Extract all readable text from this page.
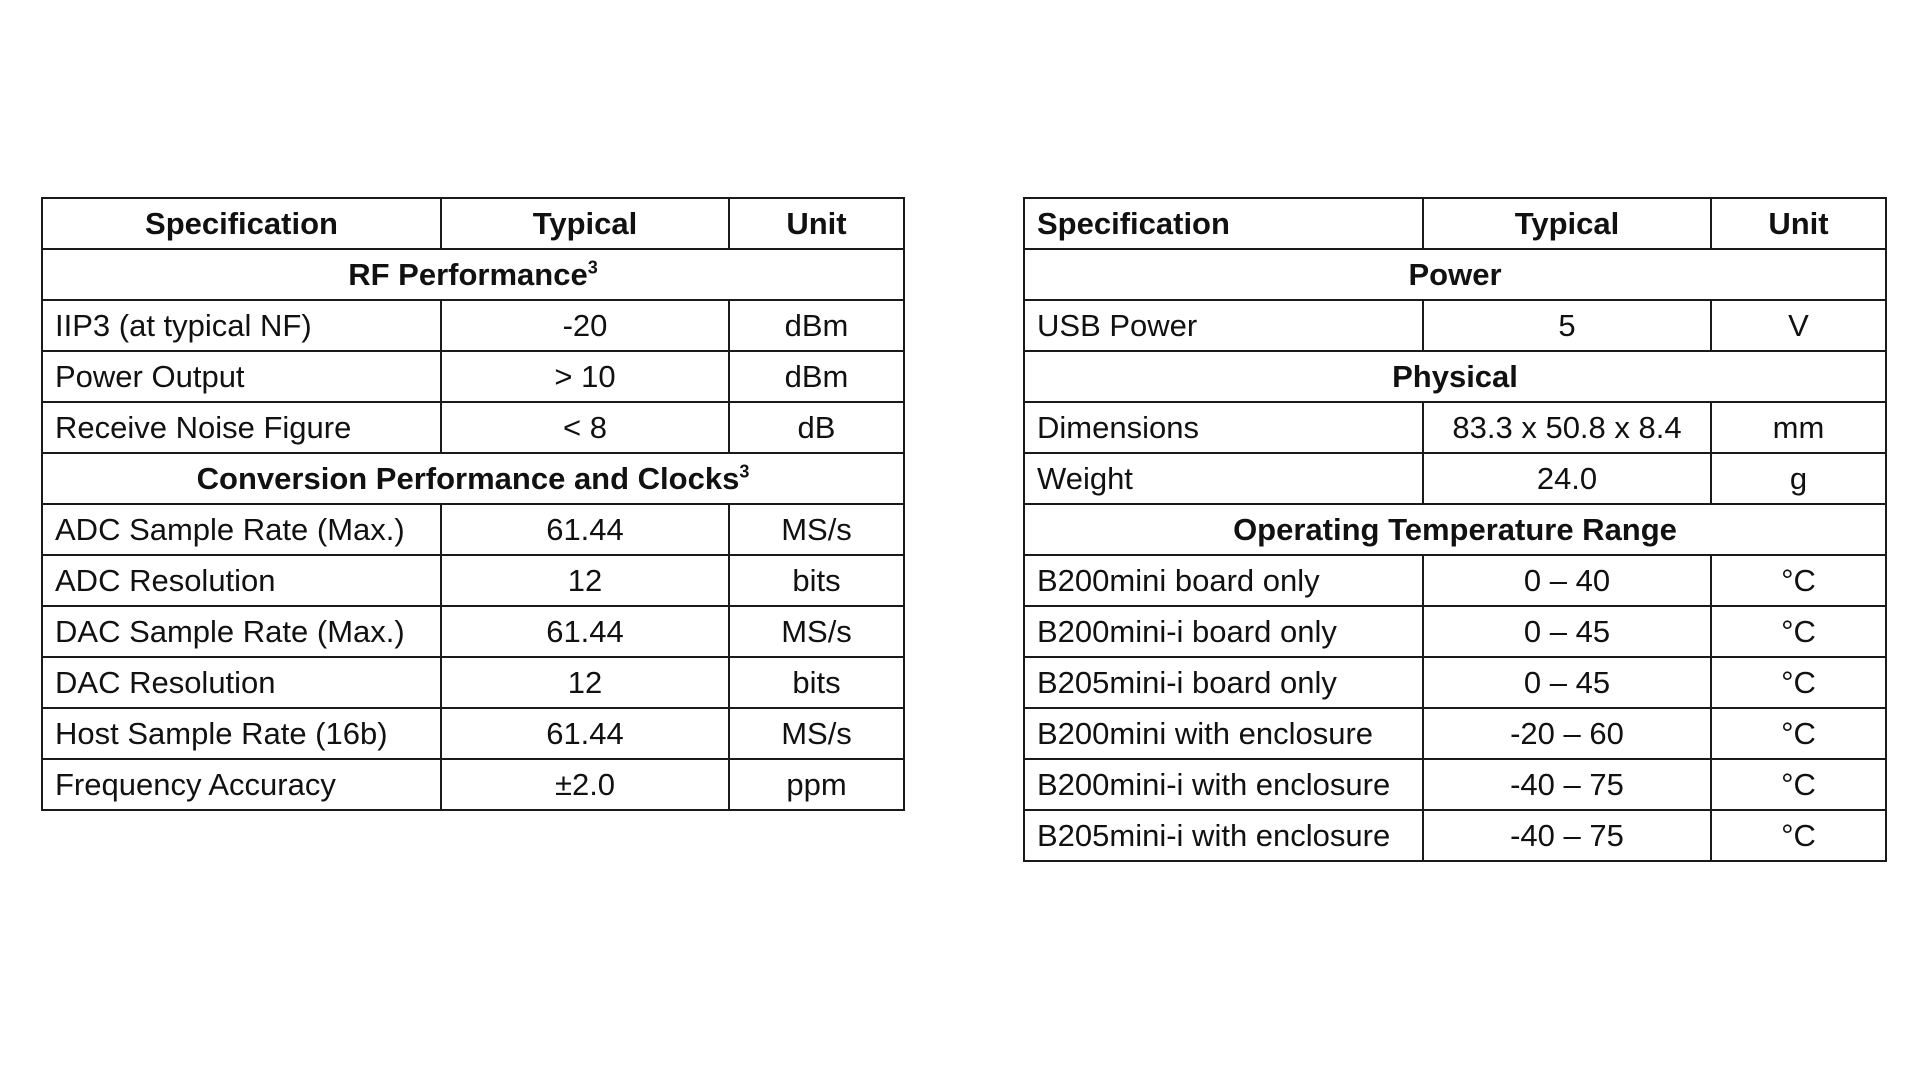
Specification	Typical	Unit
RF Performance$^3$
IIP3 (at typical NF)	-20	dBm
Power Output	> 10	dBm
Receive Noise Figure	< 8	dB
Conversion Performance and Clocks$^3$
ADC Sample Rate (Max.)	61.44	MS/s
ADC Resolution	12	bits
DAC Sample Rate (Max.)	61.44	MS/s
DAC Resolution	12	bits
Host Sample Rate (16b)	61.44	MS/s
Frequency Accuracy	±2.0	ppm
Specification	Typical	Unit
Power		
USB Power	5	V
Physical		
Dimensions	83.3 x 50.8 x 8.4	mm
Weight	24.0	g
Operating Temperature Range		
B200mini board only	0 – 40	°C
B200mini-i board only	0 – 45	°C
B205mini-i board only	0 – 45	°C
B200mini with enclosure	-20 – 60	°C
B200mini-i with enclosure	-40 – 75	°C
B205mini-i with enclosure	-40 – 75	°C
